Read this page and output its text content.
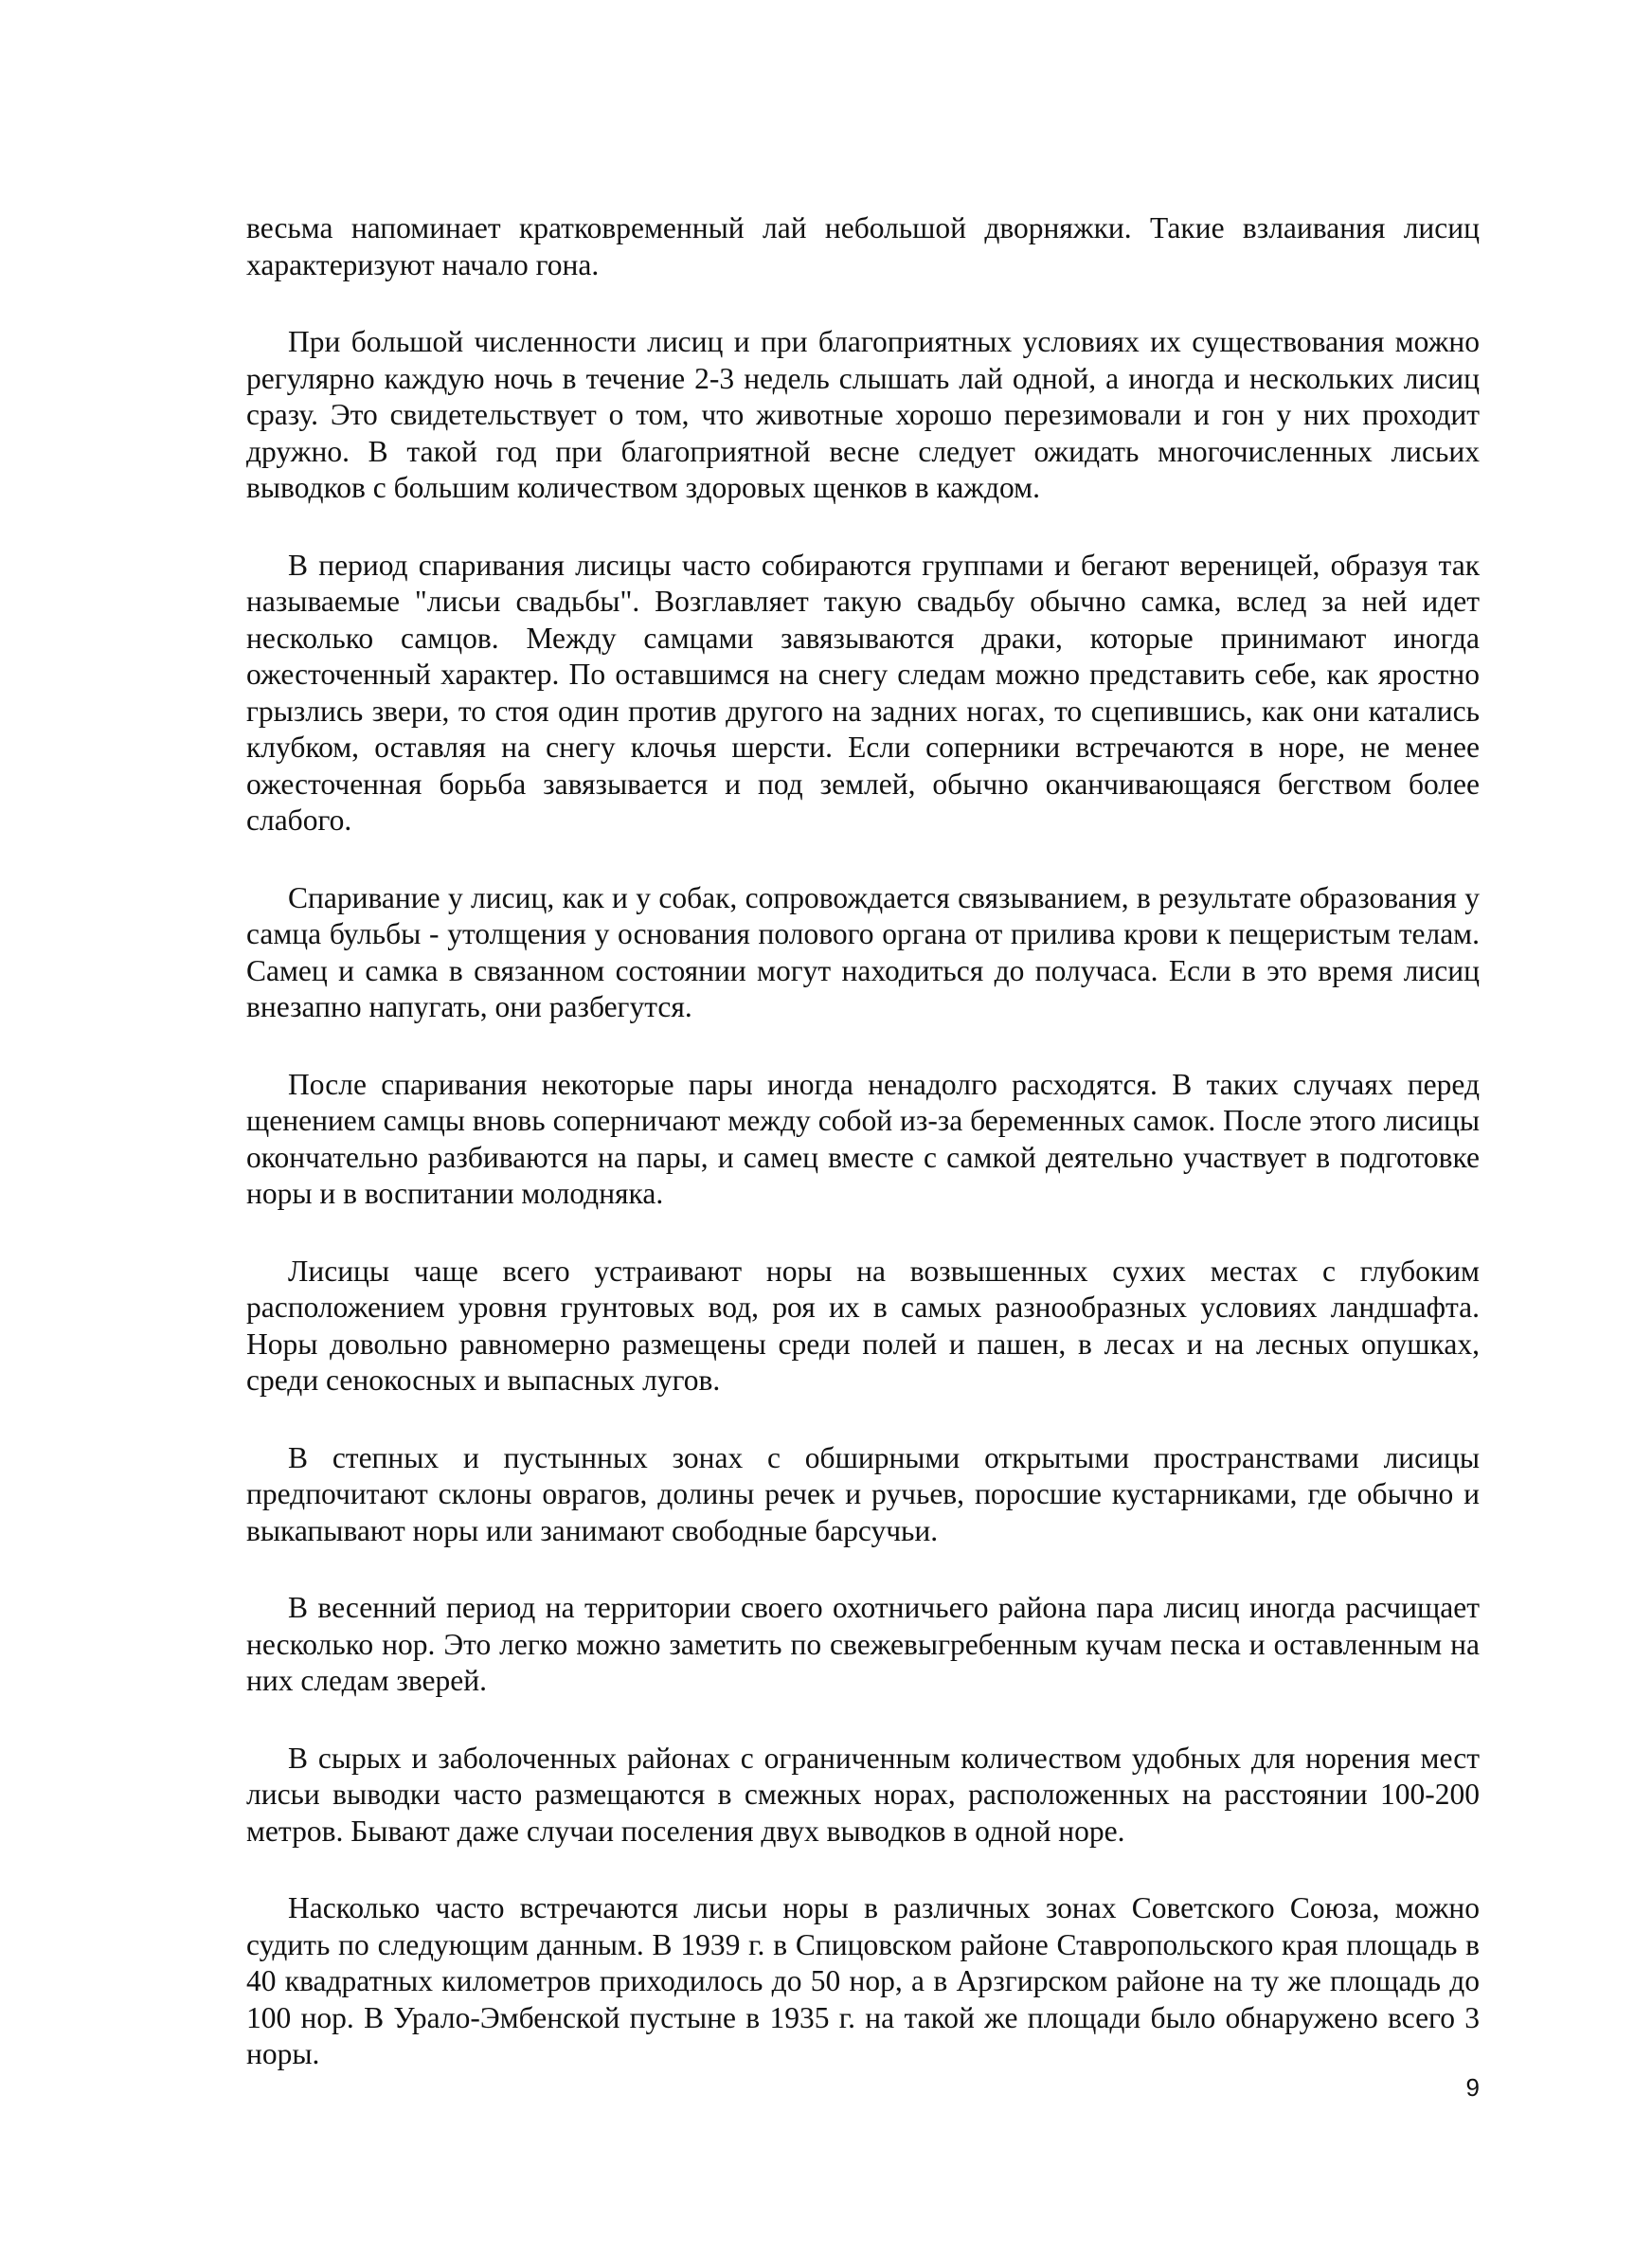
весьма напоминает кратковременный лай небольшой дворняжки. Такие взлаивания лисиц характеризуют начало гона.

При большой численности лисиц и при благоприятных условиях их существования можно регулярно каждую ночь в течение 2-3 недель слышать лай одной, а иногда и нескольких лисиц сразу. Это свидетельствует о том, что животные хорошо перезимовали и гон у них проходит дружно. В такой год при благоприятной весне следует ожидать многочисленных лисьих выводков с большим количеством здоровых щенков в каждом.

В период спаривания лисицы часто собираются группами и бегают вереницей, образуя так называемые "лисьи свадьбы". Возглавляет такую свадьбу обычно самка, вслед за ней идет несколько самцов. Между самцами завязываются драки, которые принимают иногда ожесточенный характер. По оставшимся на снегу следам можно представить себе, как яростно грызлись звери, то стоя один против другого на задних ногах, то сцепившись, как они катались клубком, оставляя на снегу клочья шерсти. Если соперники встречаются в норе, не менее ожесточенная борьба завязывается и под землей, обычно оканчивающаяся бегством более слабого.

Спаривание у лисиц, как и у собак, сопровождается связыванием, в результате образования у самца бульбы - утолщения у основания полового органа от прилива крови к пещеристым телам. Самец и самка в связанном состоянии могут находиться до получаса. Если в это время лисиц внезапно напугать, они разбегутся.

После спаривания некоторые пары иногда ненадолго расходятся. В таких случаях перед щенением самцы вновь соперничают между собой из-за беременных самок. После этого лисицы окончательно разбиваются на пары, и самец вместе с самкой деятельно участвует в подготовке норы и в воспитании молодняка.

Лисицы чаще всего устраивают норы на возвышенных сухих местах с глубоким расположением уровня грунтовых вод, роя их в самых разнообразных условиях ландшафта. Норы довольно равномерно размещены среди полей и пашен, в лесах и на лесных опушках, среди сенокосных и выпасных лугов.

В степных и пустынных зонах с обширными открытыми пространствами лисицы предпочитают склоны оврагов, долины речек и ручьев, поросшие кустарниками, где обычно и выкапывают норы или занимают свободные барсучьи.

В весенний период на территории своего охотничьего района пара лисиц иногда расчищает несколько нор. Это легко можно заметить по свежевыгребенным кучам песка и оставленным на них следам зверей.

В сырых и заболоченных районах с ограниченным количеством удобных для норения мест лисьи выводки часто размещаются в смежных норах, расположенных на расстоянии 100-200 метров. Бывают даже случаи поселения двух выводков в одной норе.

Насколько часто встречаются лисьи норы в различных зонах Советского Союза, можно судить по следующим данным. В 1939 г. в Спицовском районе Ставропольского края площадь в 40 квадратных километров приходилось до 50 нор, а в Арзгирском районе на ту же площадь до 100 нор. В Урало-Эмбенской пустыне в 1935 г. на такой же площади было обнаружено всего 3 норы.

9
